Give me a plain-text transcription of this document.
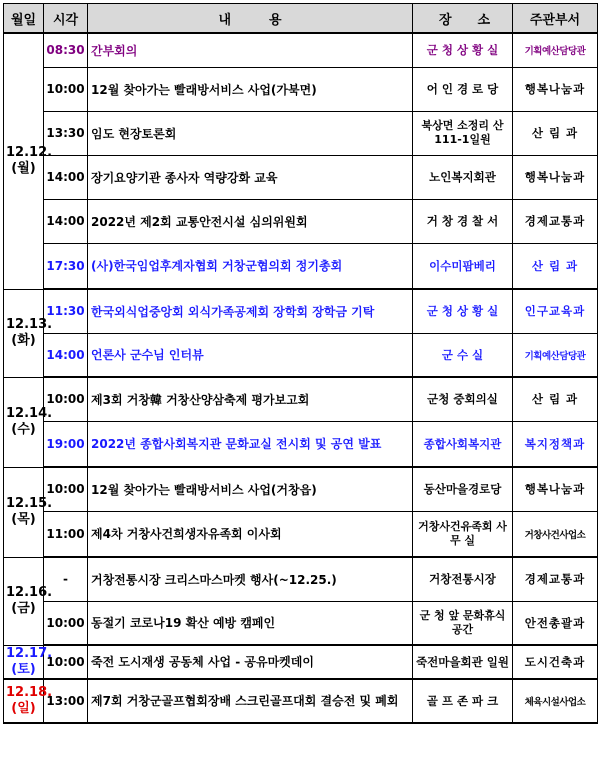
월일	시각	내용	장소	주관부서

12.12.
(월)	08:30	간부회의	군 청 상 황 실	기획예산담당관
	10:00	12월 찾아가는 빨래방서비스 사업(가북면)	어 인 경 로 당	행복나눔과
	13:30	임도 현장토론회	북상면 소정리 산111-1일원	산 림 과
	14:00	장기요양기관 종사자 역량강화 교육	노인복지회관	행복나눔과
	14:00	2022년 제2회 교통안전시설 심의위원회	거 창 경 찰 서	경제교통과
	17:30	(사)한국임업후계자협회 거창군협의회 정기총회	이수미팜베리	산 림 과

12.13.
(화)	11:30	한국외식업중앙회 외식가족공제회 장학회 장학금 기탁	군 청 상 황 실	인구교육과
	14:00	언론사 군수님 인터뷰	군 수 실	기획예산담당관

12.14.
(수)	10:00	제3회 거창韓 거창산양삼축제 평가보고회	군청 중회의실	산 림 과
	19:00	2022년 종합사회복지관 문화교실 전시회 및 공연 발표	종합사회복지관	복지정책과

12.15.
(목)	10:00	12월 찾아가는 빨래방서비스 사업(거창읍)	동산마을경로당	행복나눔과
	11:00	제4차 거창사건희생자유족회 이사회	거창사건유족회 사 무 실	거창사건사업소

12.16.
(금)	-	거창전통시장 크리스마스마켓 행사(~12.25.)	거창전통시장	경제교통과
	10:00	동절기 코로나19 확산 예방 캠페인	군 청 앞 문화휴식공간	안전총괄과

12.17.
(토)	10:00	죽전 도시재생 공동체 사업 - 공유마켓데이	죽전마을회관 일원	도시건축과

12.18.
(일)	13:00	제7회 거창군골프협회장배 스크린골프대회 결승전 및 폐회	골 프 존 파 크	체육시설사업소
